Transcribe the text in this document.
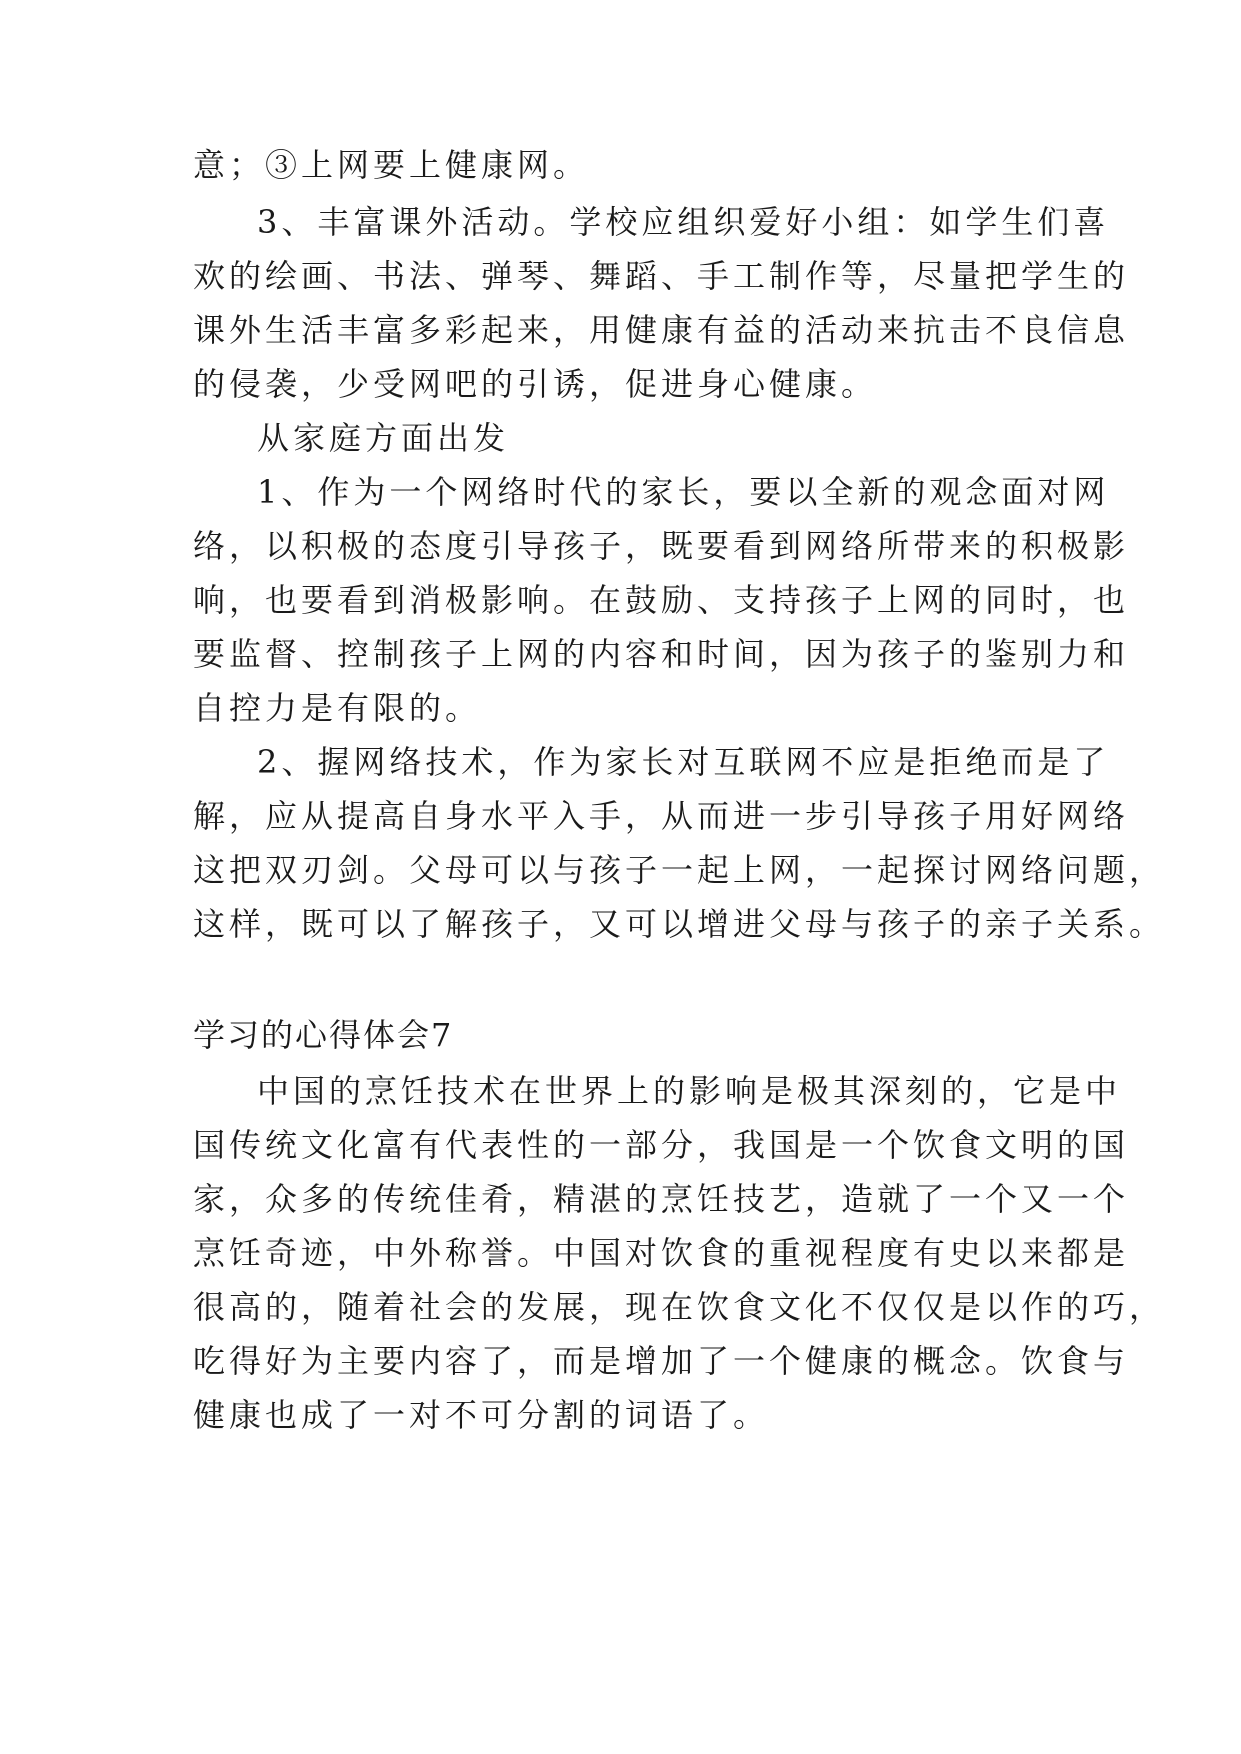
意；③上网要上健康网。
3、丰富课外活动。学校应组织爱好小组：如学生们喜
欢的绘画、书法、弹琴、舞蹈、手工制作等，尽量把学生的
课外生活丰富多彩起来，用健康有益的活动来抗击不良信息
的侵袭，少受网吧的引诱，促进身心健康。
从家庭方面出发
1、作为一个网络时代的家长，要以全新的观念面对网
络，以积极的态度引导孩子，既要看到网络所带来的积极影
响，也要看到消极影响。在鼓励、支持孩子上网的同时，也
要监督、控制孩子上网的内容和时间，因为孩子的鉴别力和
自控力是有限的。
2、握网络技术，作为家长对互联网不应是拒绝而是了
解，应从提高自身水平入手，从而进一步引导孩子用好网络
这把双刃剑。父母可以与孩子一起上网，一起探讨网络问题，
这样，既可以了解孩子，又可以增进父母与孩子的亲子关系。
学习的心得体会7
中国的烹饪技术在世界上的影响是极其深刻的，它是中
国传统文化富有代表性的一部分，我国是一个饮食文明的国
家，众多的传统佳肴，精湛的烹饪技艺，造就了一个又一个
烹饪奇迹，中外称誉。中国对饮食的重视程度有史以来都是
很高的，随着社会的发展，现在饮食文化不仅仅是以作的巧，
吃得好为主要内容了，而是增加了一个健康的概念。饮食与
健康也成了一对不可分割的词语了。
